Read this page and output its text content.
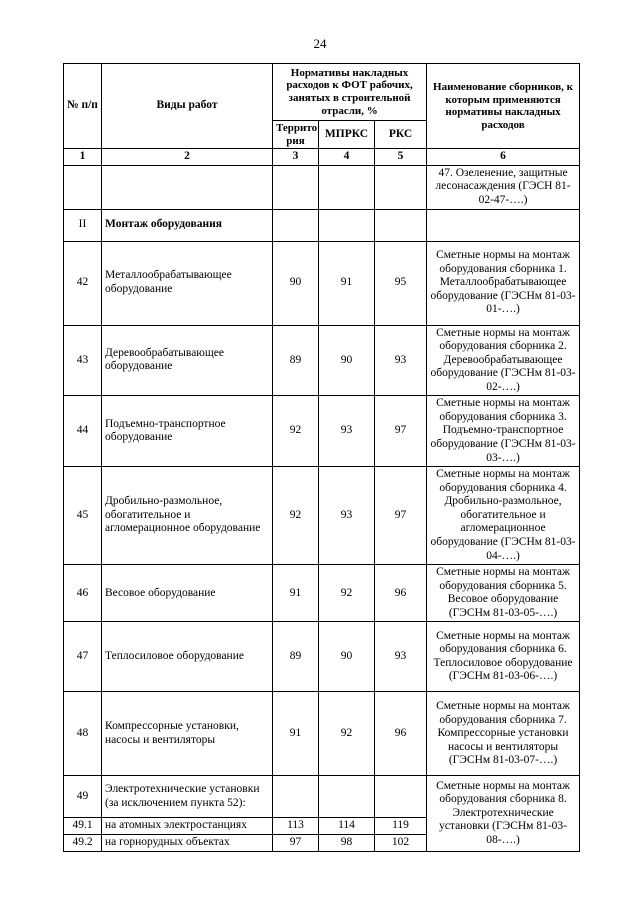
24
№ п/п	Виды работ	Нормативы накладных расходов к ФОТ рабочих, занятых в строительной отрасли, %			Наименование сборников, к которым применяются нормативы накладных расходов
		Террито рия	МПРКС	РКС	
1	2	3	4	5	6
					47. Озеленение, защитные лесонасаждения (ГЭСН 81-02-47-….)
II	Монтаж оборудования				
42	Металлообрабатывающее оборудование	90	91	95	Сметные нормы на монтаж оборудования сборника 1. Металлообрабатывающее оборудование (ГЭСНм 81-03-01-….)
43	Деревообрабатывающее оборудование	89	90	93	Сметные нормы на монтаж оборудования сборника 2. Деревообрабатывающее оборудование (ГЭСНм 81-03-02-….)
44	Подъемно-транспортное оборудование	92	93	97	Сметные нормы на монтаж оборудования сборника 3. Подъемно-транспортное оборудование (ГЭСНм 81-03-03-….)
45	Дробильно-размольное, обогатительное и агломерационное оборудование	92	93	97	Сметные нормы на монтаж оборудования сборника 4. Дробильно-размольное, обогатительное и агломерационное оборудование (ГЭСНм 81-03-04-….)
46	Весовое оборудование	91	92	96	Сметные нормы на монтаж оборудования сборника 5. Весовое оборудование (ГЭСНм 81-03-05-….)
47	Теплосиловое оборудование	89	90	93	Сметные нормы на монтаж оборудования сборника 6. Теплосиловое оборудование (ГЭСНм 81-03-06-….)
48	Компрессорные установки, насосы и вентиляторы	91	92	96	Сметные нормы на монтаж оборудования сборника 7. Компрессорные установки насосы и вентиляторы (ГЭСНм 81-03-07-….)
49	Электротехнические установки (за исключением пункта 52):				Сметные нормы на монтаж оборудования сборника 8. Электротехнические установки (ГЭСНм 81-03-08-….)
49.1	на атомных электростанциях	113	114	119	
49.2	на горнорудных объектах	97	98	102	
